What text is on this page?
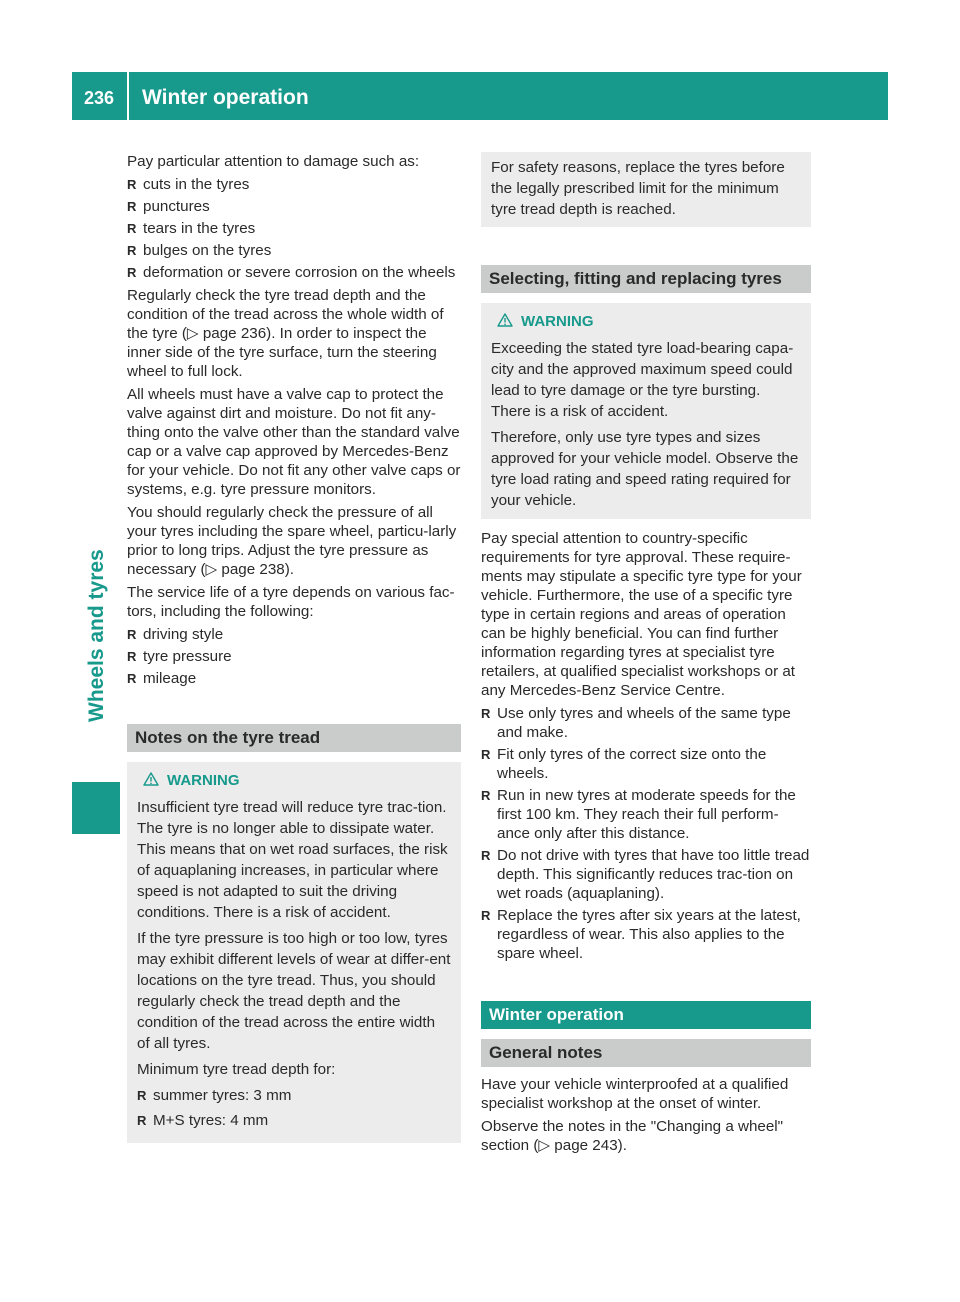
236 Winter operation
Wheels and tyres

Pay particular attention to damage such as:

R cuts in the tyres
R punctures
R tears in the tyres
R bulges on the tyres
R deformation or severe corrosion on the wheels

Regularly check the tyre tread depth and the condition of the tread across the whole width of the tyre (▷ page 236). In order to inspect the inner side of the tyre surface, turn the steering wheel to full lock.

All wheels must have a valve cap to protect the valve against dirt and moisture. Do not fit any-thing onto the valve other than the standard valve cap or a valve cap approved by Mercedes-Benz for your vehicle. Do not fit any other valve caps or systems, e.g. tyre pressure monitors.

You should regularly check the pressure of all your tyres including the spare wheel, particu-larly prior to long trips. Adjust the tyre pressure as necessary (▷ page 238).

The service life of a tyre depends on various fac-tors, including the following:

R driving style
R tyre pressure
R mileage
Notes on the tyre tread
WARNING

Insufficient tyre tread will reduce tyre trac-tion. The tyre is no longer able to dissipate water. This means that on wet road surfaces, the risk of aquaplaning increases, in particular where speed is not adapted to suit the driving conditions. There is a risk of accident.

If the tyre pressure is too high or too low, tyres may exhibit different levels of wear at differ-ent locations on the tyre tread. Thus, you should regularly check the tread depth and the condition of the tread across the entire width of all tyres.

Minimum tyre tread depth for:

R summer tyres: 3 mm
R M+S tyres: 4 mm

For safety reasons, replace the tyres before the legally prescribed limit for the minimum tyre tread depth is reached.

Selecting, fitting and replacing tyres
WARNING

Exceeding the stated tyre load-bearing capa-city and the approved maximum speed could lead to tyre damage or the tyre bursting. There is a risk of accident.

Therefore, only use tyre types and sizes approved for your vehicle model. Observe the tyre load rating and speed rating required for your vehicle.

Pay special attention to country-specific requirements for tyre approval. These require-ments may stipulate a specific tyre type for your vehicle. Furthermore, the use of a specific tyre type in certain regions and areas of operation can be highly beneficial. You can find further information regarding tyres at specialist tyre retailers, at qualified specialist workshops or at any Mercedes-Benz Service Centre.

R Use only tyres and wheels of the same type and make.
R Fit only tyres of the correct size onto the wheels.
R Run in new tyres at moderate speeds for the first 100 km. They reach their full perform-ance only after this distance.
R Do not drive with tyres that have too little tread depth. This significantly reduces trac-tion on wet roads (aquaplaning).
R Replace the tyres after six years at the latest, regardless of wear. This also applies to the spare wheel.
Winter operation
General notes

Have your vehicle winterproofed at a qualified specialist workshop at the onset of winter.

Observe the notes in the "Changing a wheel" section (▷ page 243).
